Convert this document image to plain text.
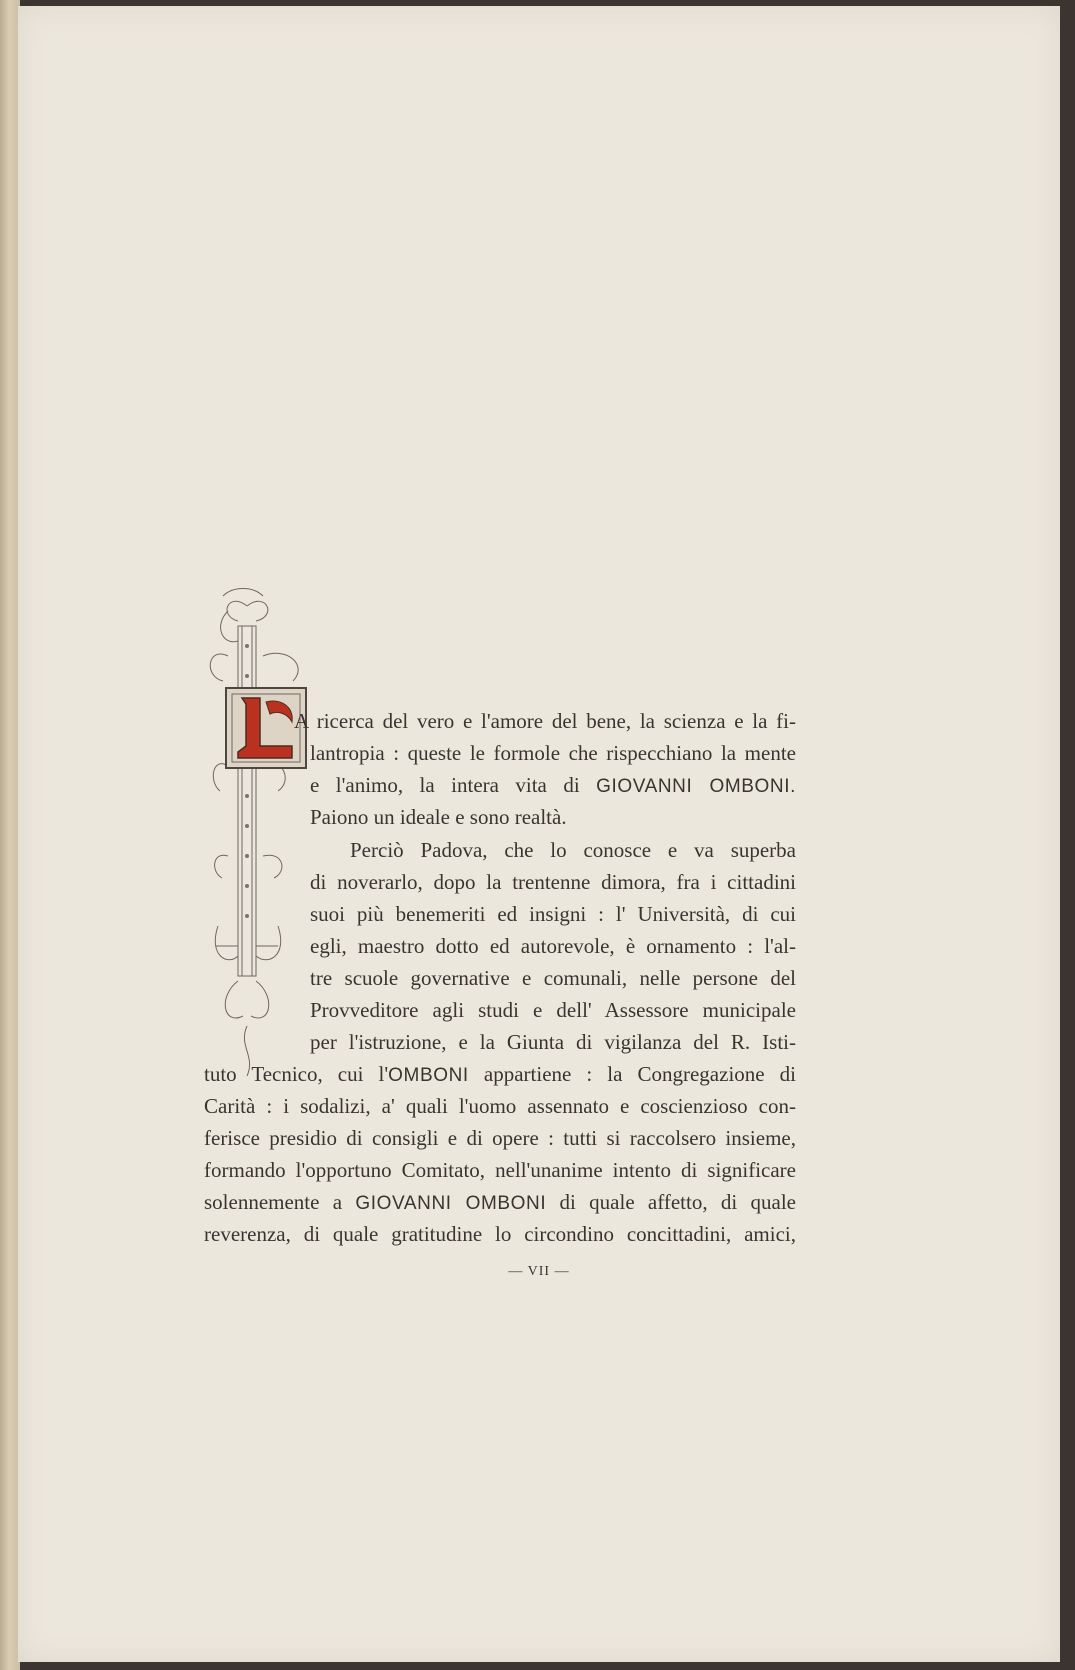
A ricerca del vero e l'amore del bene, la scienza e la fi-
lantropia : queste le formole che rispecchiano la mente
e l'animo, la intera vita di GIOVANNI OMBONI.
Paiono un ideale e sono realtà.
Perciò Padova, che lo conosce e va superba
di noverarlo, dopo la trentenne dimora, fra i cittadini
suoi più benemeriti ed insigni : l' Università, di cui
egli, maestro dotto ed autorevole, è ornamento : l'al-
tre scuole governative e comunali, nelle persone del
Provveditore agli studi e dell' Assessore municipale
per l'istruzione, e la Giunta di vigilanza del R. Isti-
tuto Tecnico, cui l'OMBONI appartiene : la Congregazione di
Carità : i sodalizi, a' quali l'uomo assennato e coscienzioso con-
ferisce presidio di consigli e di opere : tutti si raccolsero insieme,
formando l'opportuno Comitato, nell'unanime intento di significare
solennemente a GIOVANNI OMBONI di quale affetto, di quale
reverenza, di quale gratitudine lo circondino concittadini, amici,
— VII —
